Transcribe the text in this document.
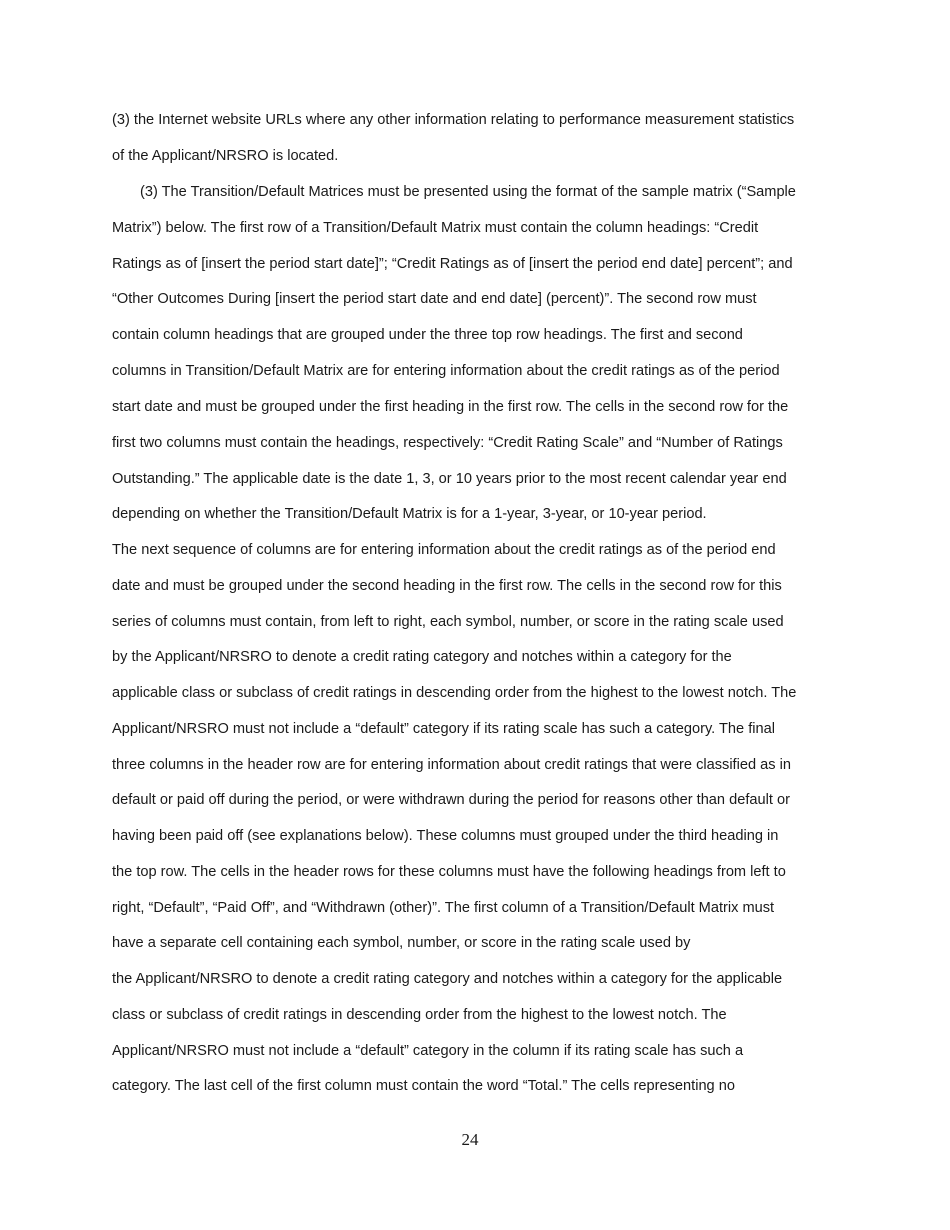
(3) the Internet website URLs where any other information relating to performance measurement statistics
of the Applicant/NRSRO is located.
(3) The Transition/Default Matrices must be presented using the format of the sample matrix (“Sample
Matrix”) below. The first row of a Transition/Default Matrix must contain the column headings: “Credit
Ratings as of [insert the period start date]”; “Credit Ratings as of [insert the period end date] percent”; and
“Other Outcomes During [insert the period start date and end date] (percent)”. The second row must
contain column headings that are grouped under the three top row headings. The first and second
columns in Transition/Default Matrix are for entering information about the credit ratings as of the period
start date and must be grouped under the first heading in the first row. The cells in the second row for the
first two columns must contain the headings, respectively: “Credit Rating Scale” and “Number of Ratings
Outstanding.” The applicable date is the date 1, 3, or 10 years prior to the most recent calendar year end
depending on whether the Transition/Default Matrix is for a 1-year, 3-year, or 10-year period.
The next sequence of columns are for entering information about the credit ratings as of the period end
date and must be grouped under the second heading in the first row. The cells in the second row for this
series of columns must contain, from left to right, each symbol, number, or score in the rating scale used
by the Applicant/NRSRO to denote a credit rating category and notches within a category for the
applicable class or subclass of credit ratings in descending order from the highest to the lowest notch. The
Applicant/NRSRO must not include a “default” category if its rating scale has such a category. The final
three columns in the header row are for entering information about credit ratings that were classified as in
default or paid off during the period, or were withdrawn during the period for reasons other than default or
having been paid off (see explanations below). These columns must grouped under the third heading in
the top row. The cells in the header rows for these columns must have the following headings from left to
right, “Default”, “Paid Off”, and “Withdrawn (other)”. The first column of a Transition/Default Matrix must
have a separate cell containing each symbol, number, or score in the rating scale used by
the Applicant/NRSRO to denote a credit rating category and notches within a category for the applicable
class or subclass of credit ratings in descending order from the highest to the lowest notch. The
Applicant/NRSRO must not include a “default” category in the column if its rating scale has such a
category. The last cell of the first column must contain the word “Total.” The cells representing no
24
